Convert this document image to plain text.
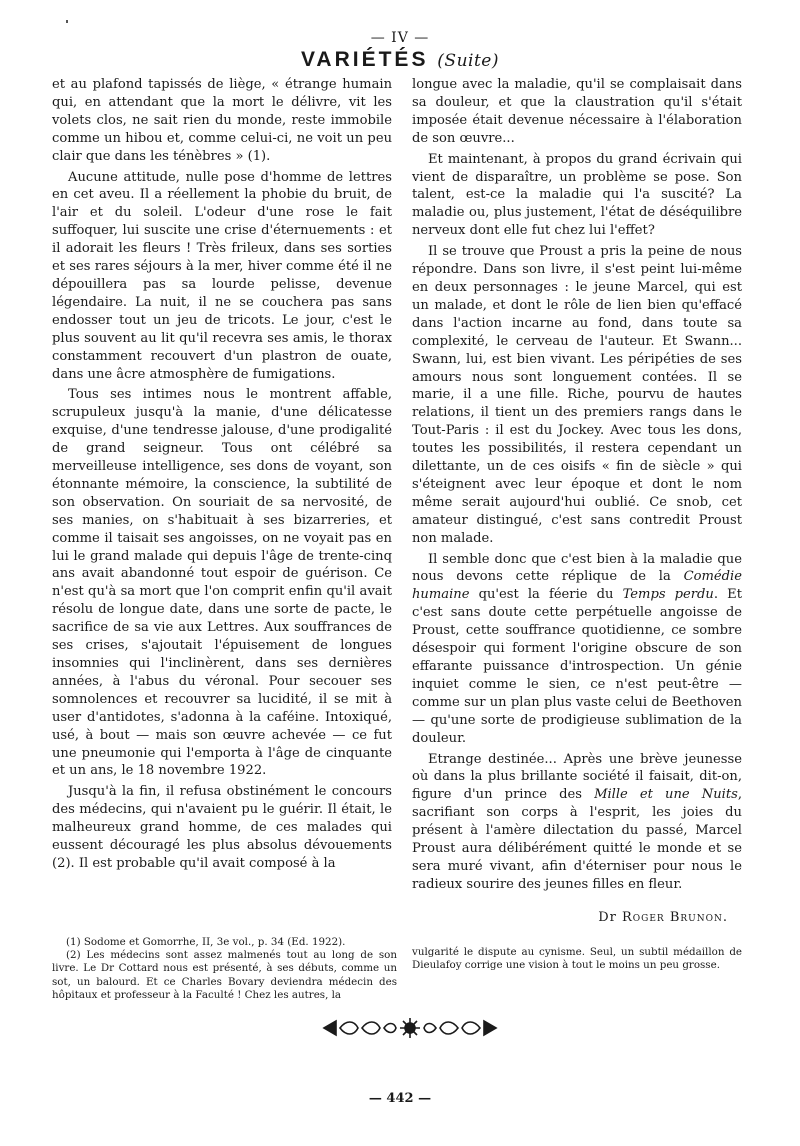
— IV —
VARIÉTÉS (Suite)

et au plafond tapissés de liège, « étrange humain qui, en attendant que la mort le délivre, vit les volets clos, ne sait rien du monde, reste immobile comme un hibou et, comme celui-ci, ne voit un peu clair que dans les ténèbres » (1).

Aucune attitude, nulle pose d'homme de lettres en cet aveu. Il a réellement la phobie du bruit, de l'air et du soleil. L'odeur d'une rose le fait suffoquer, lui suscite une crise d'éternuements : et il adorait les fleurs ! Très frileux, dans ses sorties et ses rares séjours à la mer, hiver comme été il ne dépouillera pas sa lourde pelisse, devenue légendaire. La nuit, il ne se couchera pas sans endosser tout un jeu de tricots. Le jour, c'est le plus souvent au lit qu'il recevra ses amis, le thorax constamment recouvert d'un plastron de ouate, dans une âcre atmosphère de fumigations.

Tous ses intimes nous le montrent affable, scrupuleux jusqu'à la manie, d'une délicatesse exquise, d'une tendresse jalouse, d'une prodigalité de grand seigneur. Tous ont célébré sa merveilleuse intelligence, ses dons de voyant, son étonnante mémoire, la conscience, la subtilité de son observation. On souriait de sa nervosité, de ses manies, on s'habituait à ses bizarreries, et comme il taisait ses angoisses, on ne voyait pas en lui le grand malade qui depuis l'âge de trente-cinq ans avait abandonné tout espoir de guérison. Ce n'est qu'à sa mort que l'on comprit enfin qu'il avait résolu de longue date, dans une sorte de pacte, le sacrifice de sa vie aux Lettres. Aux souffrances de ses crises, s'ajoutait l'épuisement de longues insomnies qui l'inclinèrent, dans ses dernières années, à l'abus du véronal. Pour secouer ses somnolences et recouvrer sa lucidité, il se mit à user d'antidotes, s'adonna à la caféine. Intoxiqué, usé, à bout — mais son œuvre achevée — ce fut une pneumonie qui l'emporta à l'âge de cinquante et un ans, le 18 novembre 1922.

Jusqu'à la fin, il refusa obstinément le concours des médecins, qui n'avaient pu le guérir. Il était, le malheureux grand homme, de ces malades qui eussent découragé les plus absolus dévouements (2). Il est probable qu'il avait composé à la

longue avec la maladie, qu'il se complaisait dans sa douleur, et que la claustration qu'il s'était imposée était devenue nécessaire à l'élaboration de son œuvre...

Et maintenant, à propos du grand écrivain qui vient de disparaître, un problème se pose. Son talent, est-ce la maladie qui l'a suscité? La maladie ou, plus justement, l'état de déséquilibre nerveux dont elle fut chez lui l'effet?

Il se trouve que Proust a pris la peine de nous répondre. Dans son livre, il s'est peint lui-même en deux personnages : le jeune Marcel, qui est un malade, et dont le rôle de lien bien qu'effacé dans l'action incarne au fond, dans toute sa complexité, le cerveau de l'auteur. Et Swann... Swann, lui, est bien vivant. Les péripéties de ses amours nous sont longuement contées. Il se marie, il a une fille. Riche, pourvu de hautes relations, il tient un des premiers rangs dans le Tout-Paris : il est du Jockey. Avec tous les dons, toutes les possibilités, il restera cependant un dilettante, un de ces oisifs « fin de siècle » qui s'éteignent avec leur époque et dont le nom même serait aujourd'hui oublié. Ce snob, cet amateur distingué, c'est sans contredit Proust non malade.

Il semble donc que c'est bien à la maladie que nous devons cette réplique de la Comédie humaine qu'est la féerie du Temps perdu. Et c'est sans doute cette perpétuelle angoisse de Proust, cette souffrance quotidienne, ce sombre désespoir qui forment l'origine obscure de son effarante puissance d'introspection. Un génie inquiet comme le sien, ce n'est peut-être — comme sur un plan plus vaste celui de Beethoven — qu'une sorte de prodigieuse sublimation de la douleur.

Etrange destinée... Après une brève jeunesse où dans la plus brillante société il faisait, dit-on, figure d'un prince des Mille et une Nuits, sacrifiant son corps à l'esprit, les joies du présent à l'amère dilectation du passé, Marcel Proust aura délibérément quitté le monde et se sera muré vivant, afin d'éterniser pour nous le radieux sourire des jeunes filles en fleur.

Dr Roger Brunon.

(1) Sodome et Gomorrhe, II, 3e vol., p. 34 (Ed. 1922).

(2) Les médecins sont assez malmenés tout au long de son livre. Le Dr Cottard nous est présenté, à ses débuts, comme un sot, un balourd. Et ce Charles Bovary deviendra médecin des hôpitaux et professeur à la Faculté ! Chez les autres, la

vulgarité le dispute au cynisme. Seul, un subtil médaillon de Dieulafoy corrige une vision à tout le moins un peu grosse.

— 442 —
